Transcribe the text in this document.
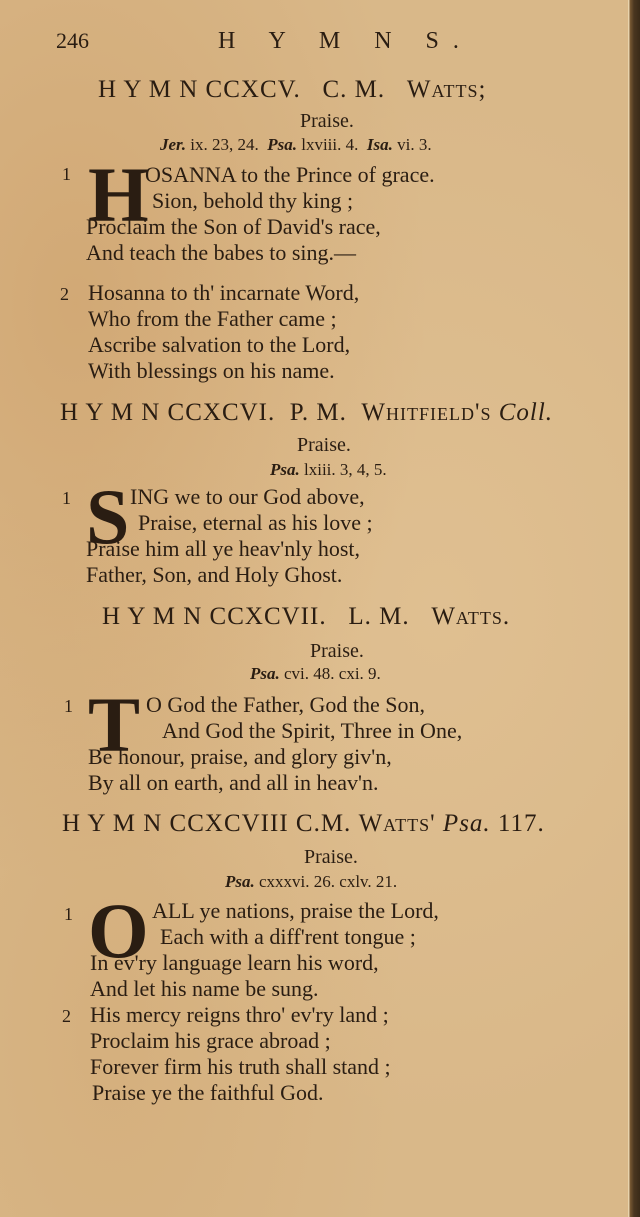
246	H Y M N S.
H Y M N CCXCV. C. M. Watts;
Praise.
Jer. ix. 23, 24. Psa. lxviii. 4. Isa. vi. 3.
1 H
OSANNA to the Prince of grace.
Sion, behold thy king ;
Proclaim the Son of David's race,
And teach the babes to sing.—
2 Hosanna to th' incarnate Word,
Who from the Father came ;
Ascribe salvation to the Lord,
With blessings on his name.
H Y M N CCXCVI. P. M. Whitfield's Coll.
Praise.
Psa. lxiii. 3, 4, 5.
1 S ING we to our God above,
Praise, eternal as his love ;
Praise him all ye heav'nly host,
Father, Son, and Holy Ghost.
H Y M N CCXCVII. L. M. Watts.
Praise.
Psa. cvi. 48. cxi. 9.
1 T O God the Father, God the Son,
And God the Spirit, Three in One,
Be honour, praise, and glory giv'n,
By all on earth, and all in heav'n.
H Y M N CCXCVIII C.M. Watts' Psa. 117.
Praise.
Psa. cxxxvi. 26. cxlv. 21.
1 O ALL ye nations, praise the Lord,
Each with a diff'rent tongue ;
In ev'ry language learn his word,
And let his name be sung.
2 His mercy reigns thro' ev'ry land ;
Proclaim his grace abroad ;
Forever firm his truth shall stand ;
Praise ye the faithful God.
